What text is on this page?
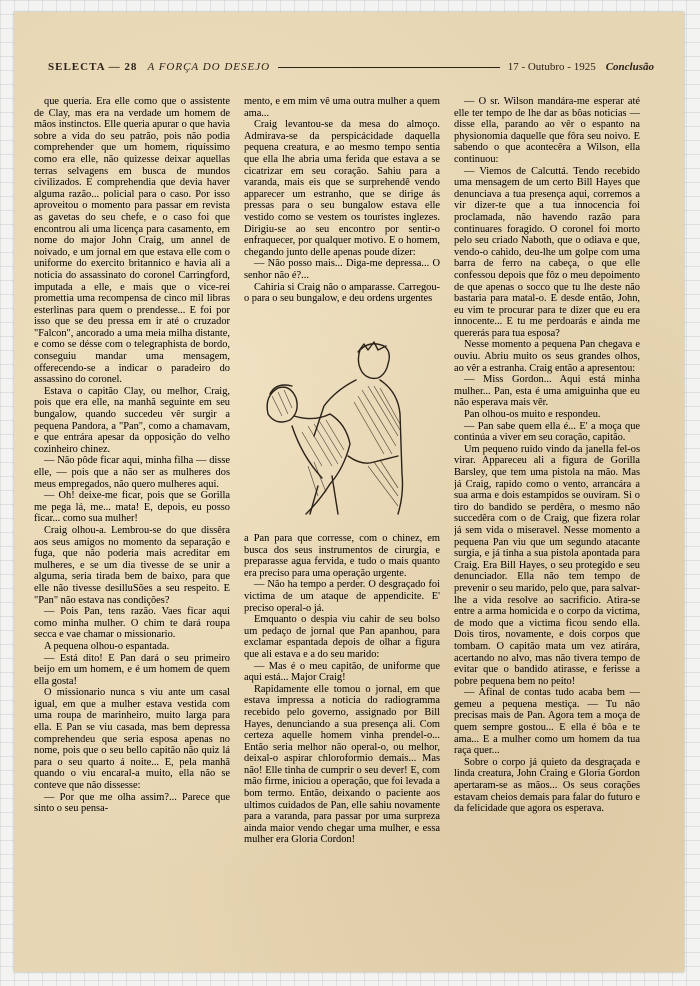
SELECTA — 28 A FORÇA DO DESEJO	17 - Outubro - 1925 Conclusão

que queria. Era elle como que o assistente de Clay, mas era na verdade um homem de mãos instinctos. Elle queria apurar o que havia sobre a vida do seu patrão, pois não podia comprehender que um homem, riquíssimo como era elle, não quizesse deixar aquellas terras selvagens em busca de mundos civilizados. E comprehendia que devia haver alguma razão... policial para o caso. Por isso aproveitou o momento para passar em revista as gavetas do seu chefe, e o caso foi que encontrou ali uma licença para casamento, em nome do major John Craig, um annel de noivado, e um jornal em que estava elle com o uniforme do exercito britannico e havia ali a noticia do assassinato do coronel Carringford, imputada a elle, e mais que o vice-rei promettia uma recompensa de cinco mil libras esterlinas para quem o prendesse... E foi por isso que se deu pressa em ir até o cruzador "Falcon", ancorado a uma meia milha distante, e como se désse com o telegraphista de bordo, conseguiu mandar uma mensagem, offerecendo-se a indicar o paradeiro do assassino do coronel.

Estava o capitão Clay, ou melhor, Craig, pois que era elle, na manhã seguinte em seu bungalow, quando succedeu vêr surgir a pequena Pandora, a "Pan", como a chamavam, e que entrára apesar da opposição do velho cozinheiro chinez.

— Não pôde ficar aqui, minha filha — disse elle, — pois que a não ser as mulheres dos meus empregados, não quero mulheres aqui.

— Oh! deixe-me ficar, pois que se Gorilla me pega lá, me... mata! E, depois, eu posso ficar... como sua mulher!

Craig olhou-a. Lembrou-se do que dissêra aos seus amigos no momento da separação e fuga, que não poderia mais acreditar em mulheres, e se um dia tivesse de se unir a alguma, seria tirada bem de baixo, para que elle não tivesse desilluSões a seu respeito. E "Pan" não estava nas condições?

— Pois Pan, tens razão. Vaes ficar aqui como minha mulher. O chim te dará roupa secca e vae chamar o missionario.

A pequena olhou-o espantada.

— Está dito! E Pan dará o seu primeiro beijo em um homem, e é um homem de quem ella gosta!

O missionario nunca s viu ante um casal igual, em que a mulher estava vestida com uma roupa de marinheiro, muito larga para ella. E Pan se viu casada, mas bem depressa comprehendeu que seria esposa apenas no nome, pois que o seu bello capitão não quiz lá para o seu quarto á noite... E, pela manhã quando o viu encaral-a muito, ella não se conteve que não dissesse:

— Por que me olha assim?... Parece que sinto o seu pensa-

mento, e em mim vê uma outra mulher a quem ama...

Craig levantou-se da mesa do almoço. Admirava-se da perspicácidade daquella pequena creatura, e ao mesmo tempo sentia que ella lhe abria uma ferida que estava a se cicatrizar em seu coração. Sahiu para a varanda, mais eis que se surprehendê vendo apparecer um estranho, que se dirige ás pressas para o seu bungalow estava elle vestido como se vestem os touristes inglezes. Dirigiu-se ao seu encontro por sentir-o enfraquecer, por qualquer motivo. E o homem, chegando junto delle apenas poude dizer:

— Não posso mais... Diga-me depressa... O senhor não é?...

Cahiria si Craig não o amparasse. Carregou-o para o seu bungalow, e deu ordens urgentes

a Pan para que corresse, com o chinez, em busca dos seus instrumentos de cirurgia, e preparasse agua fervida, e tudo o mais quanto era preciso para uma operação urgente.

— Não ha tempo a perder. O desgraçado foi victima de um ataque de appendicite. E' preciso operal-o já.

Emquanto o despia viu cahir de seu bolso um pedaço de jornal que Pan apanhou, para exclamar espantada depois de olhar a figura que ali estava e a do seu marido:

— Mas é o meu capitão, de uniforme que aqui está... Major Craig!

Rapidamente elle tomou o jornal, em que estava impressa a noticia do radiogramma recebido pelo governo, assignado por Bill Hayes, denunciando a sua presença ali. Com certeza aquelle homem vinha prendel-o... Então seria melhor não operal-o, ou melhor, deixal-o aspirar chloroformio demais... Mas não! Elle tinha de cumprir o seu dever! E, com mão firme, iniciou a operação, que foi levada a bom termo. Então, deixando o paciente aos ultimos cuidados de Pan, elle sahiu novamente para a varanda, para passar por uma surpreza ainda maior vendo chegar uma mulher, e essa mulher era Gloria Cordon!

— O sr. Wilson mandára-me esperar até elle ter tempo de lhe dar as bôas noticias — disse ella, parando ao vêr o espanto na physionomia daquelle que fôra seu noivo. E sabendo o que acontecêra a Wilson, ella continuou:

— Viemos de Calcuttá. Tendo recebido uma mensagem de um certo Bill Hayes que denunciava a tua presença aqui, corremos a vir dizer-te que a tua innocencia foi proclamada, não havendo razão para continuares foragido. O coronel foi morto pelo seu criado Naboth, que o odiava e que, vendo-o cahido, deu-lhe um golpe com uma barra de ferro na cabeça, o que elle confessou depois que fôz o meu depoimento de que apenas o socco que tu lhe deste não bastaria para matal-o. E desde então, John, eu vim te procurar para te dizer que eu era innocente... E tu me perdoarás e ainda me quererás para tua esposa?

Nesse momento a pequena Pan chegava e ouviu. Abriu muito os seus grandes olhos, ao vêr a estranha. Craig então a apresentou:

— Miss Gordon... Aqui está minha mulher... Pan, esta é uma amiguinha que eu não esperava mais vêr.

Pan olhou-os muito e respondeu.

— Pan sabe quem ella é... E' a moça que continúa a viver em seu coração, capitão.

Um pequeno ruido vindo da janella fel-os virar. Appareceu ali a figura de Gorilla Barsley, que tem uma pistola na mão. Mas já Craig, rapido como o vento, arrancára a sua arma e dois estampidos se ouviram. Si o tiro do bandido se perdêra, o mesmo não succedêra com o de Craig, que fizera rolar já sem vida o miseravel. Nesse momento a pequena Pan viu que um segundo atacante surgia, e já tinha a sua pistola apontada para Craig. Era Bill Hayes, o seu protegido e seu denunciador. Ella não tem tempo de prevenir o seu marido, pelo que, para salvar-lhe a vida resolve ao sacrificio. Atira-se entre a arma homicida e o corpo da victima, de modo que a victima ficou sendo ella. Dois tiros, novamente, e dois corpos que tombam. O capitão mata um vez atirára, acertando no alvo, mas não tivera tempo de evitar que o bandido atirasse, e ferisse a pobre pequena bem no peito!

— Afinal de contas tudo acaba bem — gemeu a pequena mestiça. — Tu não precisas mais de Pan. Agora tem a moça de quem sempre gostou... E ella é bôa e te ama... E a mulher como um homem da tua raça quer...

Sobre o corpo já quieto da desgraçada e linda creatura, John Craing e Gloria Gordon apertaram-se as mãos... Os seus corações estavam cheios demais para falar do futuro e da felicidade que agora os esperava.
